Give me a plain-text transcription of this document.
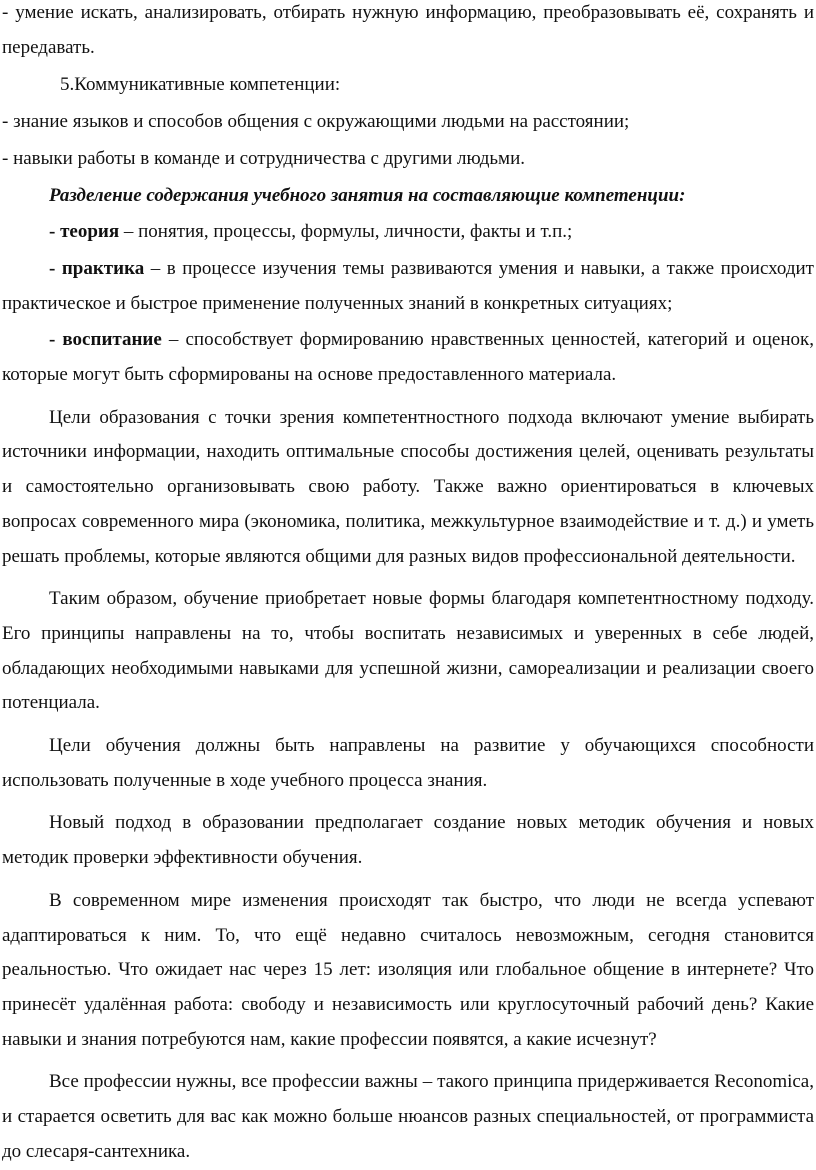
- умение искать, анализировать, отбирать нужную информацию, преобразовывать её, сохранять и передавать.

5.Коммуникативные компетенции:

- знание языков и способов общения с окружающими людьми на расстоянии;

- навыки работы в команде и сотрудничества с другими людьми.

Разделение содержания учебного занятия на составляющие компетенции:

- теория – понятия, процессы, формулы, личности, факты и т.п.;

- практика – в процессе изучения темы развиваются умения и навыки, а также происходит практическое и быстрое применение полученных знаний в конкретных ситуациях;

- воспитание – способствует формированию нравственных ценностей, категорий и оценок, которые могут быть сформированы на основе предоставленного материала.

Цели образования с точки зрения компетентностного подхода включают умение выбирать источники информации, находить оптимальные способы достижения целей, оценивать результаты и самостоятельно организовывать свою работу. Также важно ориентироваться в ключевых вопросах современного мира (экономика, политика, межкультурное взаимодействие и т. д.) и уметь решать проблемы, которые являются общими для разных видов профессиональной деятельности.

Таким образом, обучение приобретает новые формы благодаря компетентностному подходу. Его принципы направлены на то, чтобы воспитать независимых и уверенных в себе людей, обладающих необходимыми навыками для успешной жизни, самореализации и реализации своего потенциала.

Цели обучения должны быть направлены на развитие у обучающихся способности использовать полученные в ходе учебного процесса знания.

Новый подход в образовании предполагает создание новых методик обучения и новых методик проверки эффективности обучения.

В современном мире изменения происходят так быстро, что люди не всегда успевают адаптироваться к ним. То, что ещё недавно считалось невозможным, сегодня становится реальностью. Что ожидает нас через 15 лет: изоляция или глобальное общение в интернете? Что принесёт удалённая работа: свободу и независимость или круглосуточный рабочий день? Какие навыки и знания потребуются нам, какие профессии появятся, а какие исчезнут?

Все профессии нужны, все профессии важны – такого принципа придерживается Reconomica, и старается осветить для вас как можно больше нюансов разных специальностей, от программиста до слесаря-сантехника.
